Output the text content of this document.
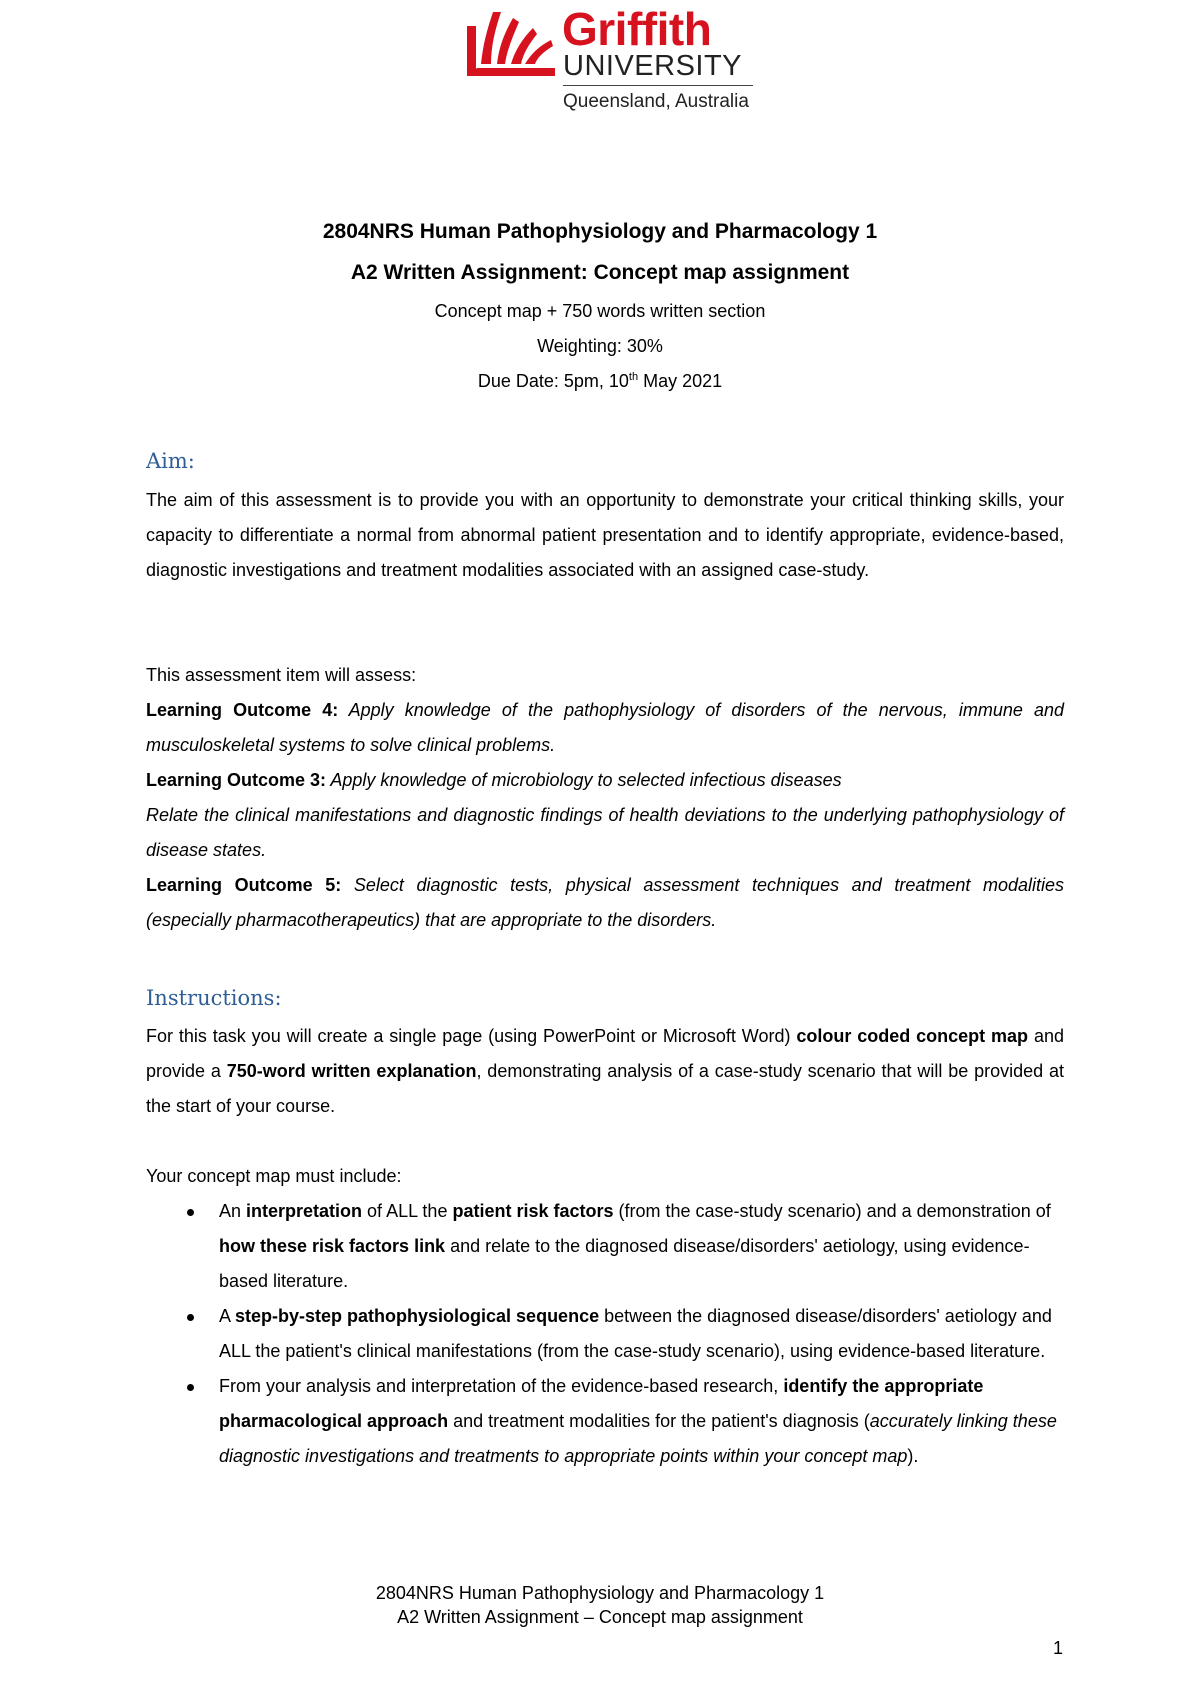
Griffith
UNIVERSITY
Queensland, Australia
2804NRS Human Pathophysiology and Pharmacology 1
A2 Written Assignment: Concept map assignment
Concept map + 750 words written section
Weighting: 30%
Due Date: 5pm, 10th May 2021
Aim:

The aim of this assessment is to provide you with an opportunity to demonstrate your critical thinking skills, your capacity to differentiate a normal from abnormal patient presentation and to identify appropriate, evidence-based, diagnostic investigations and treatment modalities associated with an assigned case-study.

This assessment item will assess:

Learning Outcome 4: Apply knowledge of the pathophysiology of disorders of the nervous, immune and musculoskeletal systems to solve clinical problems.

Learning Outcome 3: Apply knowledge of microbiology to selected infectious diseases

Relate the clinical manifestations and diagnostic findings of health deviations to the underlying pathophysiology of disease states.

Learning Outcome 5: Select diagnostic tests, physical assessment techniques and treatment modalities (especially pharmacotherapeutics) that are appropriate to the disorders.

Instructions:

For this task you will create a single page (using PowerPoint or Microsoft Word) colour coded concept map and provide a 750-word written explanation, demonstrating analysis of a case-study scenario that will be provided at the start of your course.

Your concept map must include:
An interpretation of ALL the patient risk factors (from the case-study scenario) and a demonstration of how these risk factors link and relate to the diagnosed disease/disorders' aetiology, using evidence-based literature.
A step-by-step pathophysiological sequence between the diagnosed disease/disorders' aetiology and ALL the patient's clinical manifestations (from the case-study scenario), using evidence-based literature.
From your analysis and interpretation of the evidence-based research, identify the appropriate pharmacological approach and treatment modalities for the patient's diagnosis (accurately linking these diagnostic investigations and treatments to appropriate points within your concept map).
2804NRS Human Pathophysiology and Pharmacology 1
A2 Written Assignment – Concept map assignment
1
